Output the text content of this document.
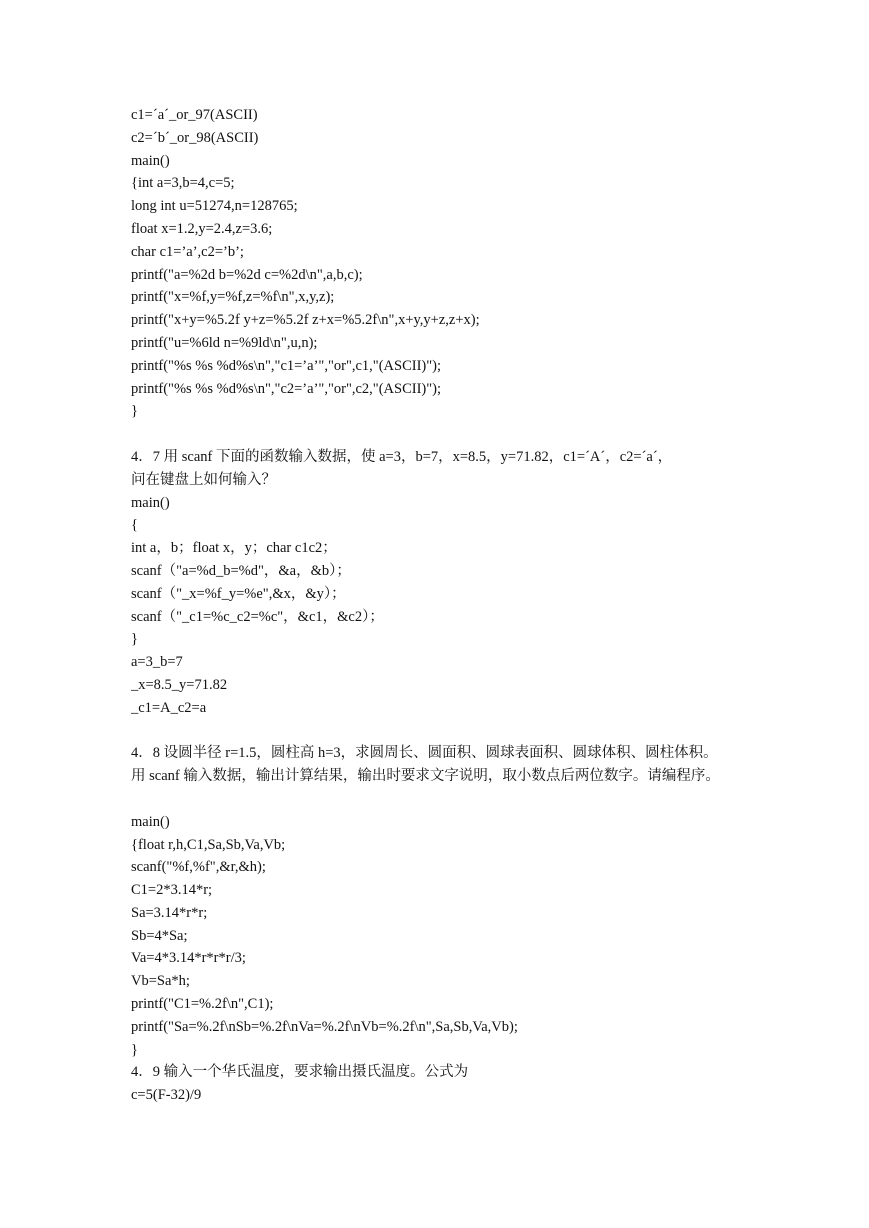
c1=´a´_or_97(ASCII)
c2=´b´_or_98(ASCII)
main()
{int a=3,b=4,c=5;
long int u=51274,n=128765;
float x=1.2,y=2.4,z=3.6;
char c1=’a’,c2=’b’;
printf("a=%2d b=%2d c=%2d\n",a,b,c);
printf("x=%f,y=%f,z=%f\n",x,y,z);
printf("x+y=%5.2f y+z=%5.2f z+x=%5.2f\n",x+y,y+z,z+x);
printf("u=%6ld n=%9ld\n",u,n);
printf("%s %s %d%s\n","c1=’a’","or",c1,"(ASCII)");
printf("%s %s %d%s\n","c2=’a’","or",c2,"(ASCII)");
}
4．7 用 scanf 下面的函数输入数据，使 a=3，b=7，x=8.5，y=71.82，c1=´A´，c2=´a´，
问在键盘上如何输入？
main()
{
int a，b；float x，y；char c1c2；
scanf（"a=%d_b=%d"，&a，&b）；
scanf（"_x=%f_y=%e",&x，&y）；
scanf（"_c1=%c_c2=%c"，&c1，&c2）；
}
a=3_b=7
_x=8.5_y=71.82
_c1=A_c2=a
4．8 设圆半径 r=1.5，圆柱高 h=3，求圆周长、圆面积、圆球表面积、圆球体积、圆柱体积。
用 scanf 输入数据，输出计算结果，输出时要求文字说明，取小数点后两位数字。请编程序。
main()
{float r,h,C1,Sa,Sb,Va,Vb;
scanf("%f,%f",&r,&h);
C1=2*3.14*r;
Sa=3.14*r*r;
Sb=4*Sa;
Va=4*3.14*r*r*r/3;
Vb=Sa*h;
printf("C1=%.2f\n",C1);
printf("Sa=%.2f\nSb=%.2f\nVa=%.2f\nVb=%.2f\n",Sa,Sb,Va,Vb);
}
4．9 输入一个华氏温度，要求输出摄氏温度。公式为
c=5(F-32)/9
